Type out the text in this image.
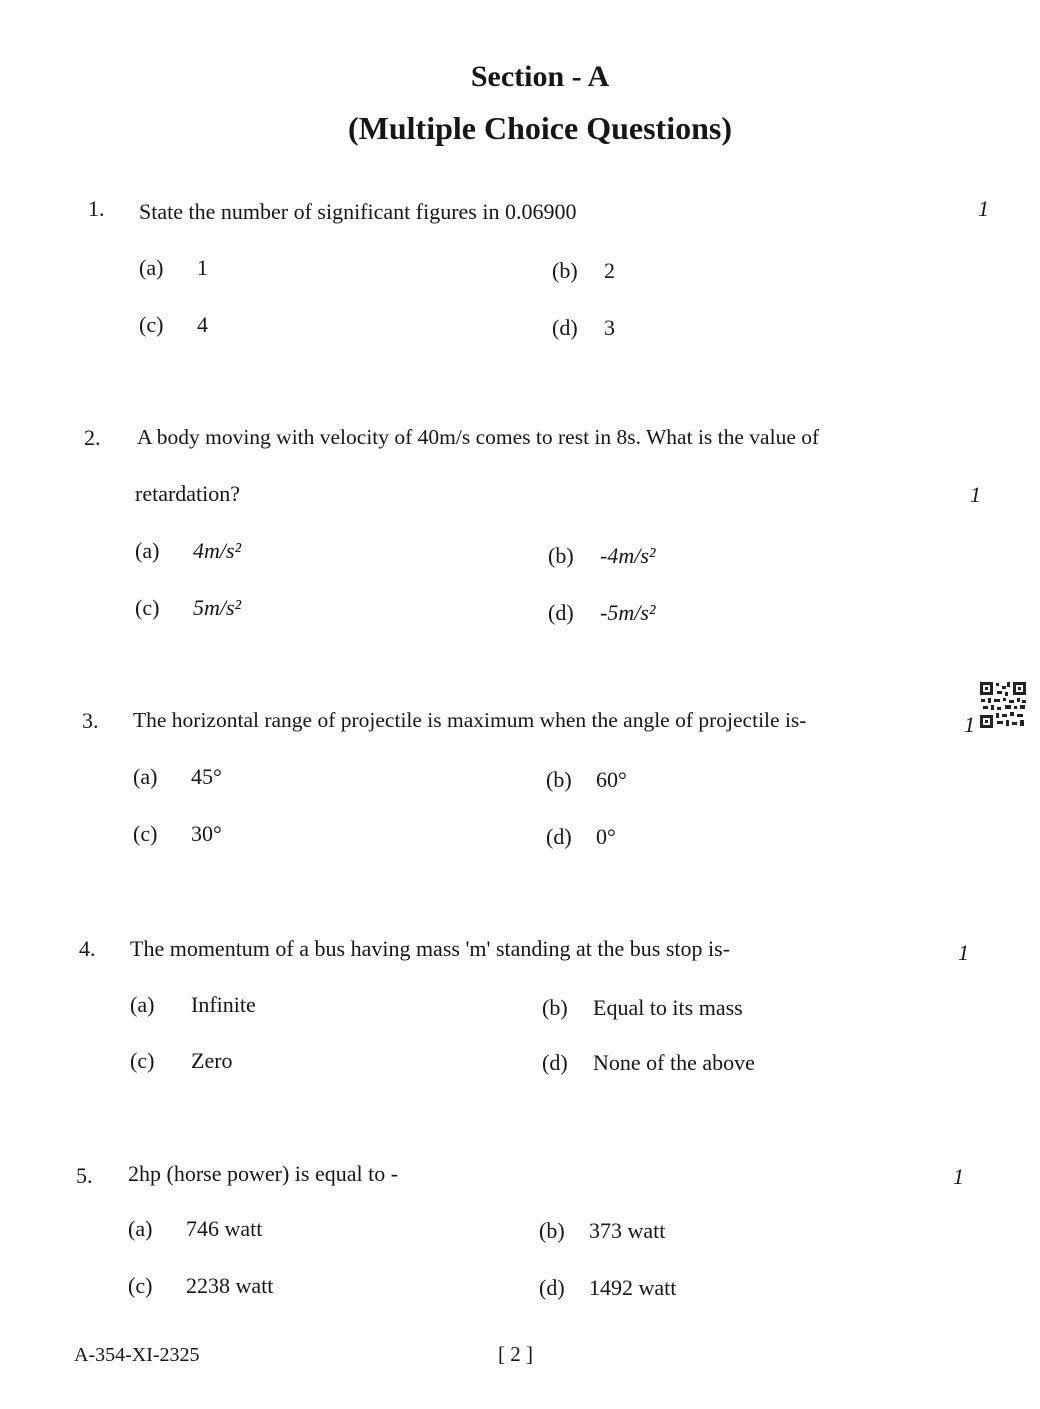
Section - A
(Multiple Choice Questions)
1. State the number of significant figures in 0.06900	1
(a) 1	(b) 2
(c) 4	(d) 3
2. A body moving with velocity of 40m/s comes to rest in 8s. What is the value of
retardation?	1
(a) 4m/s²	(b) -4m/s²
(c) 5m/s²	(d) -5m/s²
3. The horizontal range of projectile is maximum when the angle of projectile is-	1
(a) 45°	(b) 60°
(c) 30°	(d) 0°
4. The momentum of a bus having mass 'm' standing at the bus stop is-	1
(a) Infinite	(b) Equal to its mass
(c) Zero	(d) None of the above
5. 2hp (horse power) is equal to -	1
(a) 746 watt	(b) 373 watt
(c) 2238 watt	(d) 1492 watt
A-354-XI-2325	[ 2 ]
